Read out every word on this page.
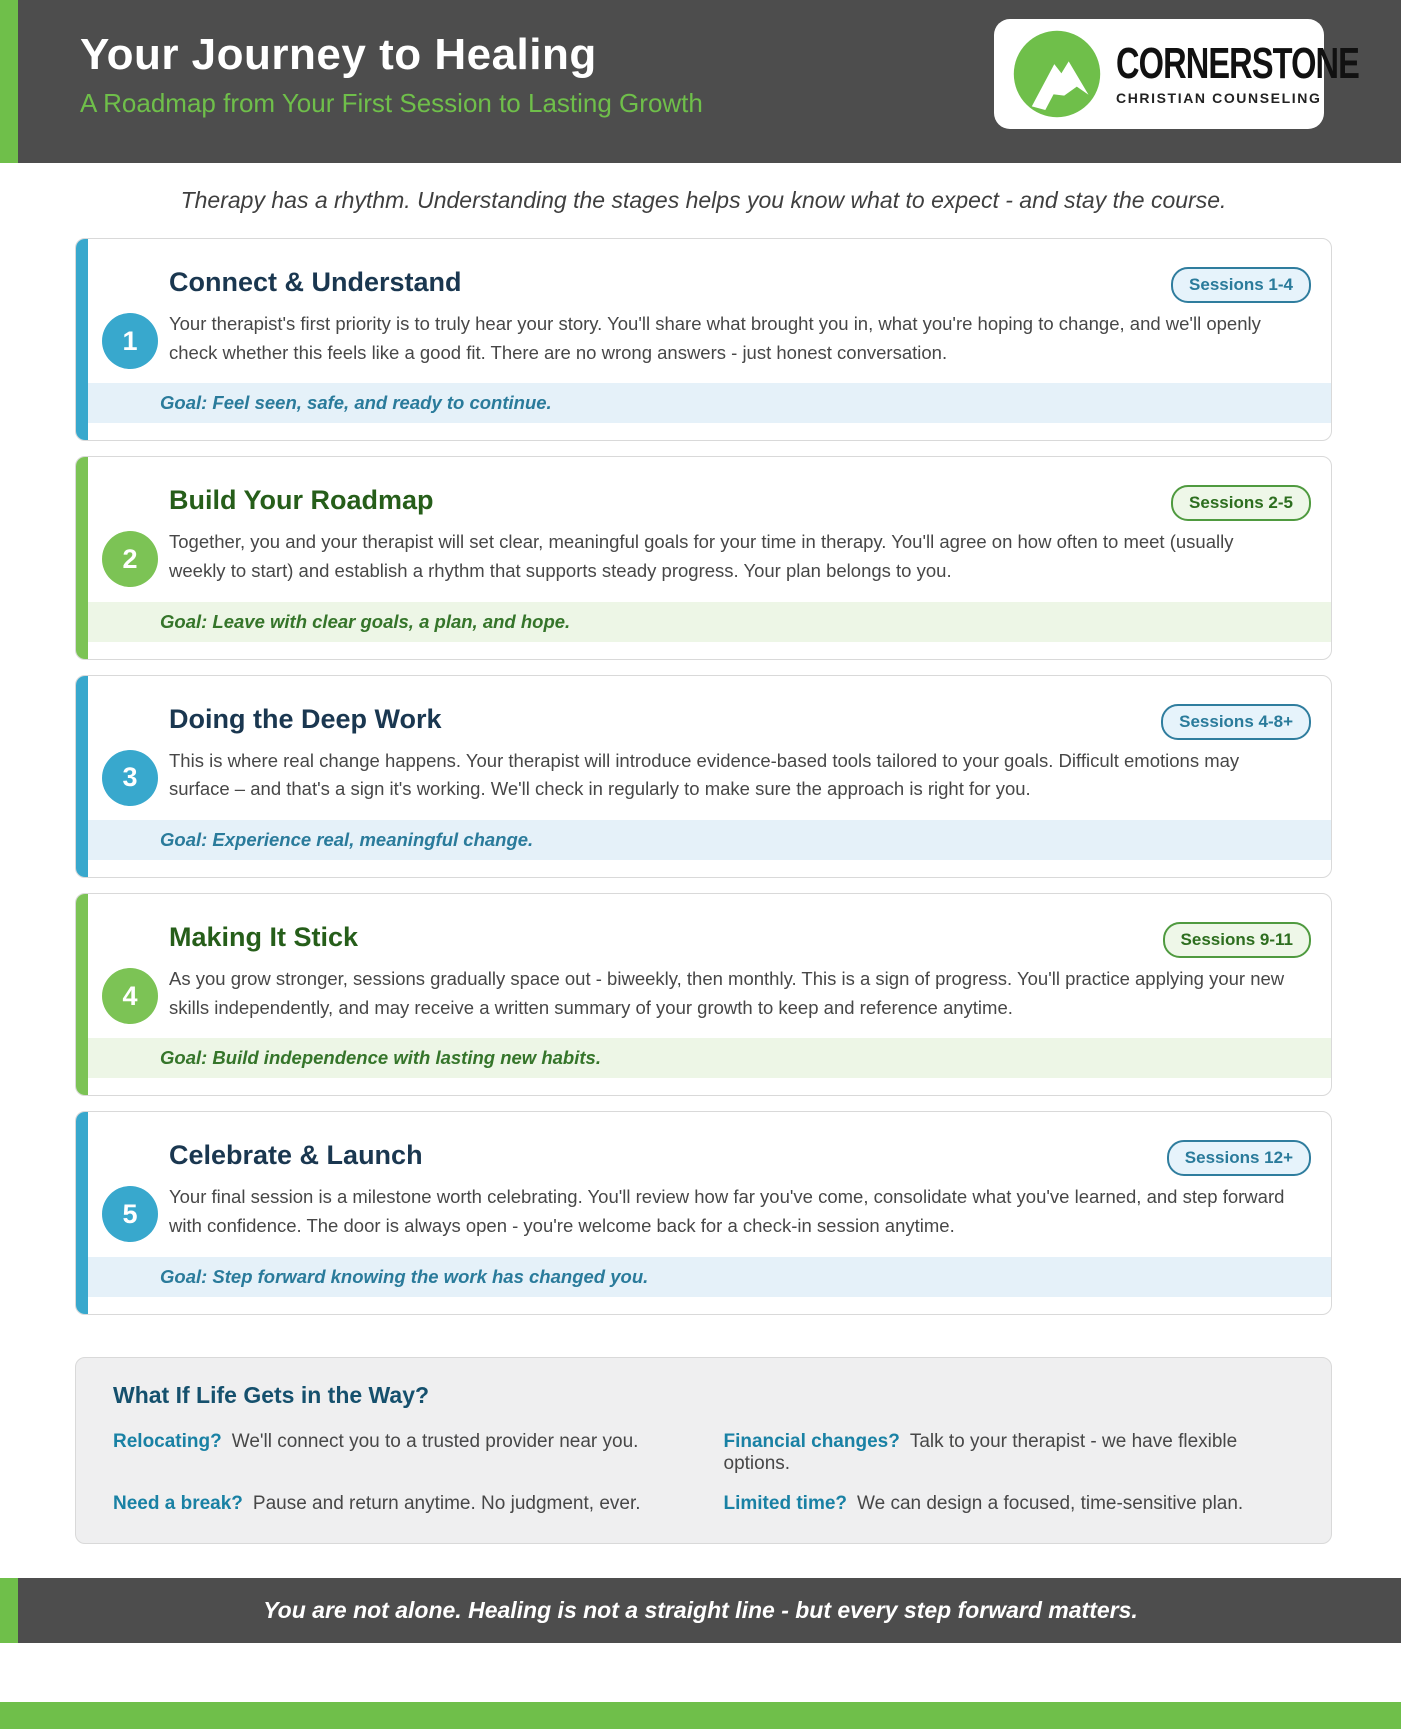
Your Journey to Healing
A Roadmap from Your First Session to Lasting Growth
CORNERSTONE
CHRISTIAN COUNSELING

Therapy has a rhythm. Understanding the stages helps you know what to expect - and stay the course.

1
Connect & Understand	Sessions 1-4

Your therapist's first priority is to truly hear your story. You'll share what brought you in, what you're hoping to change, and we'll openly check whether this feels like a good fit. There are no wrong answers - just honest conversation.

Goal: Feel seen, safe, and ready to continue.
2
Build Your Roadmap	Sessions 2-5

Together, you and your therapist will set clear, meaningful goals for your time in therapy. You'll agree on how often to meet (usually weekly to start) and establish a rhythm that supports steady progress. Your plan belongs to you.

Goal: Leave with clear goals, a plan, and hope.
3
Doing the Deep Work	Sessions 4-8+

This is where real change happens. Your therapist will introduce evidence-based tools tailored to your goals. Difficult emotions may surface – and that's a sign it's working. We'll check in regularly to make sure the approach is right for you.

Goal: Experience real, meaningful change.
4
Making It Stick	Sessions 9-11

As you grow stronger, sessions gradually space out - biweekly, then monthly. This is a sign of progress. You'll practice applying your new skills independently, and may receive a written summary of your growth to keep and reference anytime.

Goal: Build independence with lasting new habits.
5
Celebrate & Launch	Sessions 12+

Your final session is a milestone worth celebrating. You'll review how far you've come, consolidate what you've learned, and step forward with confidence. The door is always open - you're welcome back for a check-in session anytime.

Goal: Step forward knowing the work has changed you.
What If Life Gets in the Way?
Relocating? We'll connect you to a trusted provider near you.	Financial changes? Talk to your therapist - we have flexible options.
Need a break? Pause and return anytime. No judgment, ever.	Limited time? We can design a focused, time-sensitive plan.

You are not alone. Healing is not a straight line - but every step forward matters.
